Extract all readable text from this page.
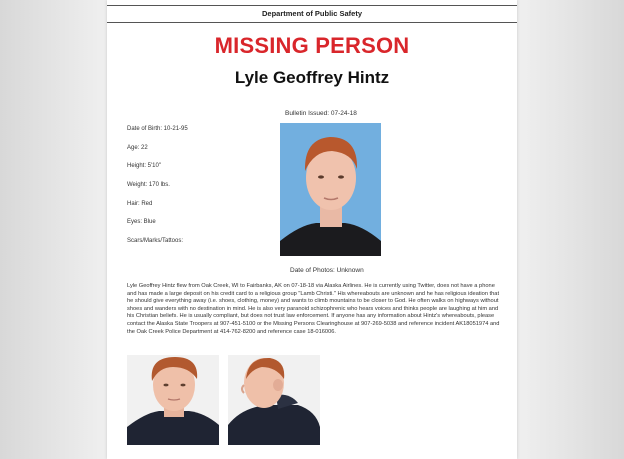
Department of Public Safety
MISSING PERSON
Lyle Geoffrey Hintz
Bulletin Issued: 07-24-18
Date of Birth: 10-21-95
Age: 22
Height: 5'10"
Weight: 170 lbs.
Hair: Red
Eyes: Blue
Scars/Marks/Tattoos:
Date of Photos: Unknown
Lyle Geoffrey Hintz flew from Oak Creek, WI to Fairbanks, AK on 07-18-18 via Alaska Airlines. He is currently using Twitter, does not have a phone and has made a large deposit on his credit card to a religious group "Lamb Christi." His whereabouts are unknown and he has religious ideation that he should give everything away (i.e. shoes, clothing, money) and wants to climb mountains to be closer to God. He often walks on highways without shoes and wanders with no destination in mind. He is also very paranoid schizophrenic who hears voices and thinks people are laughing at him and his Christian beliefs. He is usually compliant, but does not trust law enforcement. If anyone has any information about Hintz's whereabouts, please contact the Alaska State Troopers at 907-451-5100 or the Missing Persons Clearinghouse at 907-269-5038 and reference incident AK18051974 and the Oak Creek Police Department at 414-762-8200 and reference case 18-016006.
